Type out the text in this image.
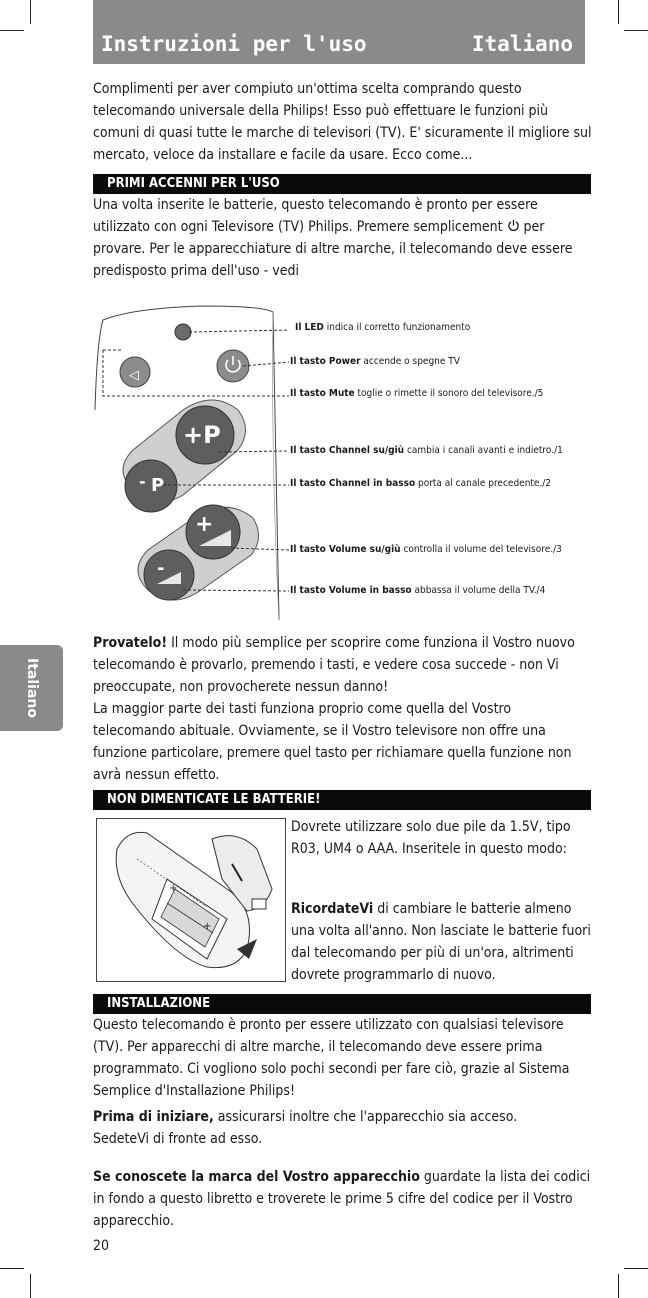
Instruzioni per l'uso	Italiano
Italiano

Complimenti per aver compiuto un'ottima scelta comprando questo telecomando universale della Philips! Esso può effettuare le funzioni più comuni di quasi tutte le marche di televisori (TV). E' sicuramente il migliore sul mercato, veloce da installare e facile da usare. Ecco come...

PRIMI ACCENNI PER L'USO

Una volta inserite le batterie, questo telecomando è pronto per essere utilizzato con ogni Televisore (TV) Philips. Premere semplicement per provare. Per le apparecchiature di altre marche, il telecomando deve essere predisposto prima dell'uso - vedi

◁
+P
- P
+
-
Il LED indica il corretto funzionamento
Il tasto Power accende o spegne TV
Il tasto Mute toglie o rimette il sonoro del televisore./5
Il tasto Channel su/giù cambia i canali avanti e indietro./1
Il tasto Channel in basso porta al canale precedente./2
Il tasto Volume su/giù controlla il volume del televisore./3
Il tasto Volume in basso abbassa il volume della TV./4

Provatelo! Il modo più semplice per scoprire come funziona il Vostro nuovo telecomando è provarlo, premendo i tasti, e vedere cosa succede - non Vi preoccupate, non provocherete nessun danno!
La maggior parte dei tasti funziona proprio come quella del Vostro telecomando abituale. Ovviamente, se il Vostro televisore non offre una funzione particolare, premere quel tasto per richiamare quella funzione non avrà nessun effetto.

NON DIMENTICATE LE BATTERIE!
+
+

Dovrete utilizzare solo due pile da 1.5V, tipo R03, UM4 o AAA. Inseritele in questo modo:

RicordateVi di cambiare le batterie almeno una volta all'anno. Non lasciate le batterie fuori dal telecomando per più di un'ora, altrimenti dovrete programmarlo di nuovo.

INSTALLAZIONE

Questo telecomando è pronto per essere utilizzato con qualsiasi televisore (TV). Per apparecchi di altre marche, il telecomando deve essere prima programmato. Ci vogliono solo pochi secondi per fare ciò, grazie al Sistema Semplice d'Installazione Philips!

Prima di iniziare, assicurarsi inoltre che l'apparecchio sia acceso. SedeteVi di fronte ad esso.

Se conoscete la marca del Vostro apparecchio guardate la lista dei codici in fondo a questo libretto e troverete le prime 5 cifre del codice per il Vostro apparecchio.

20
